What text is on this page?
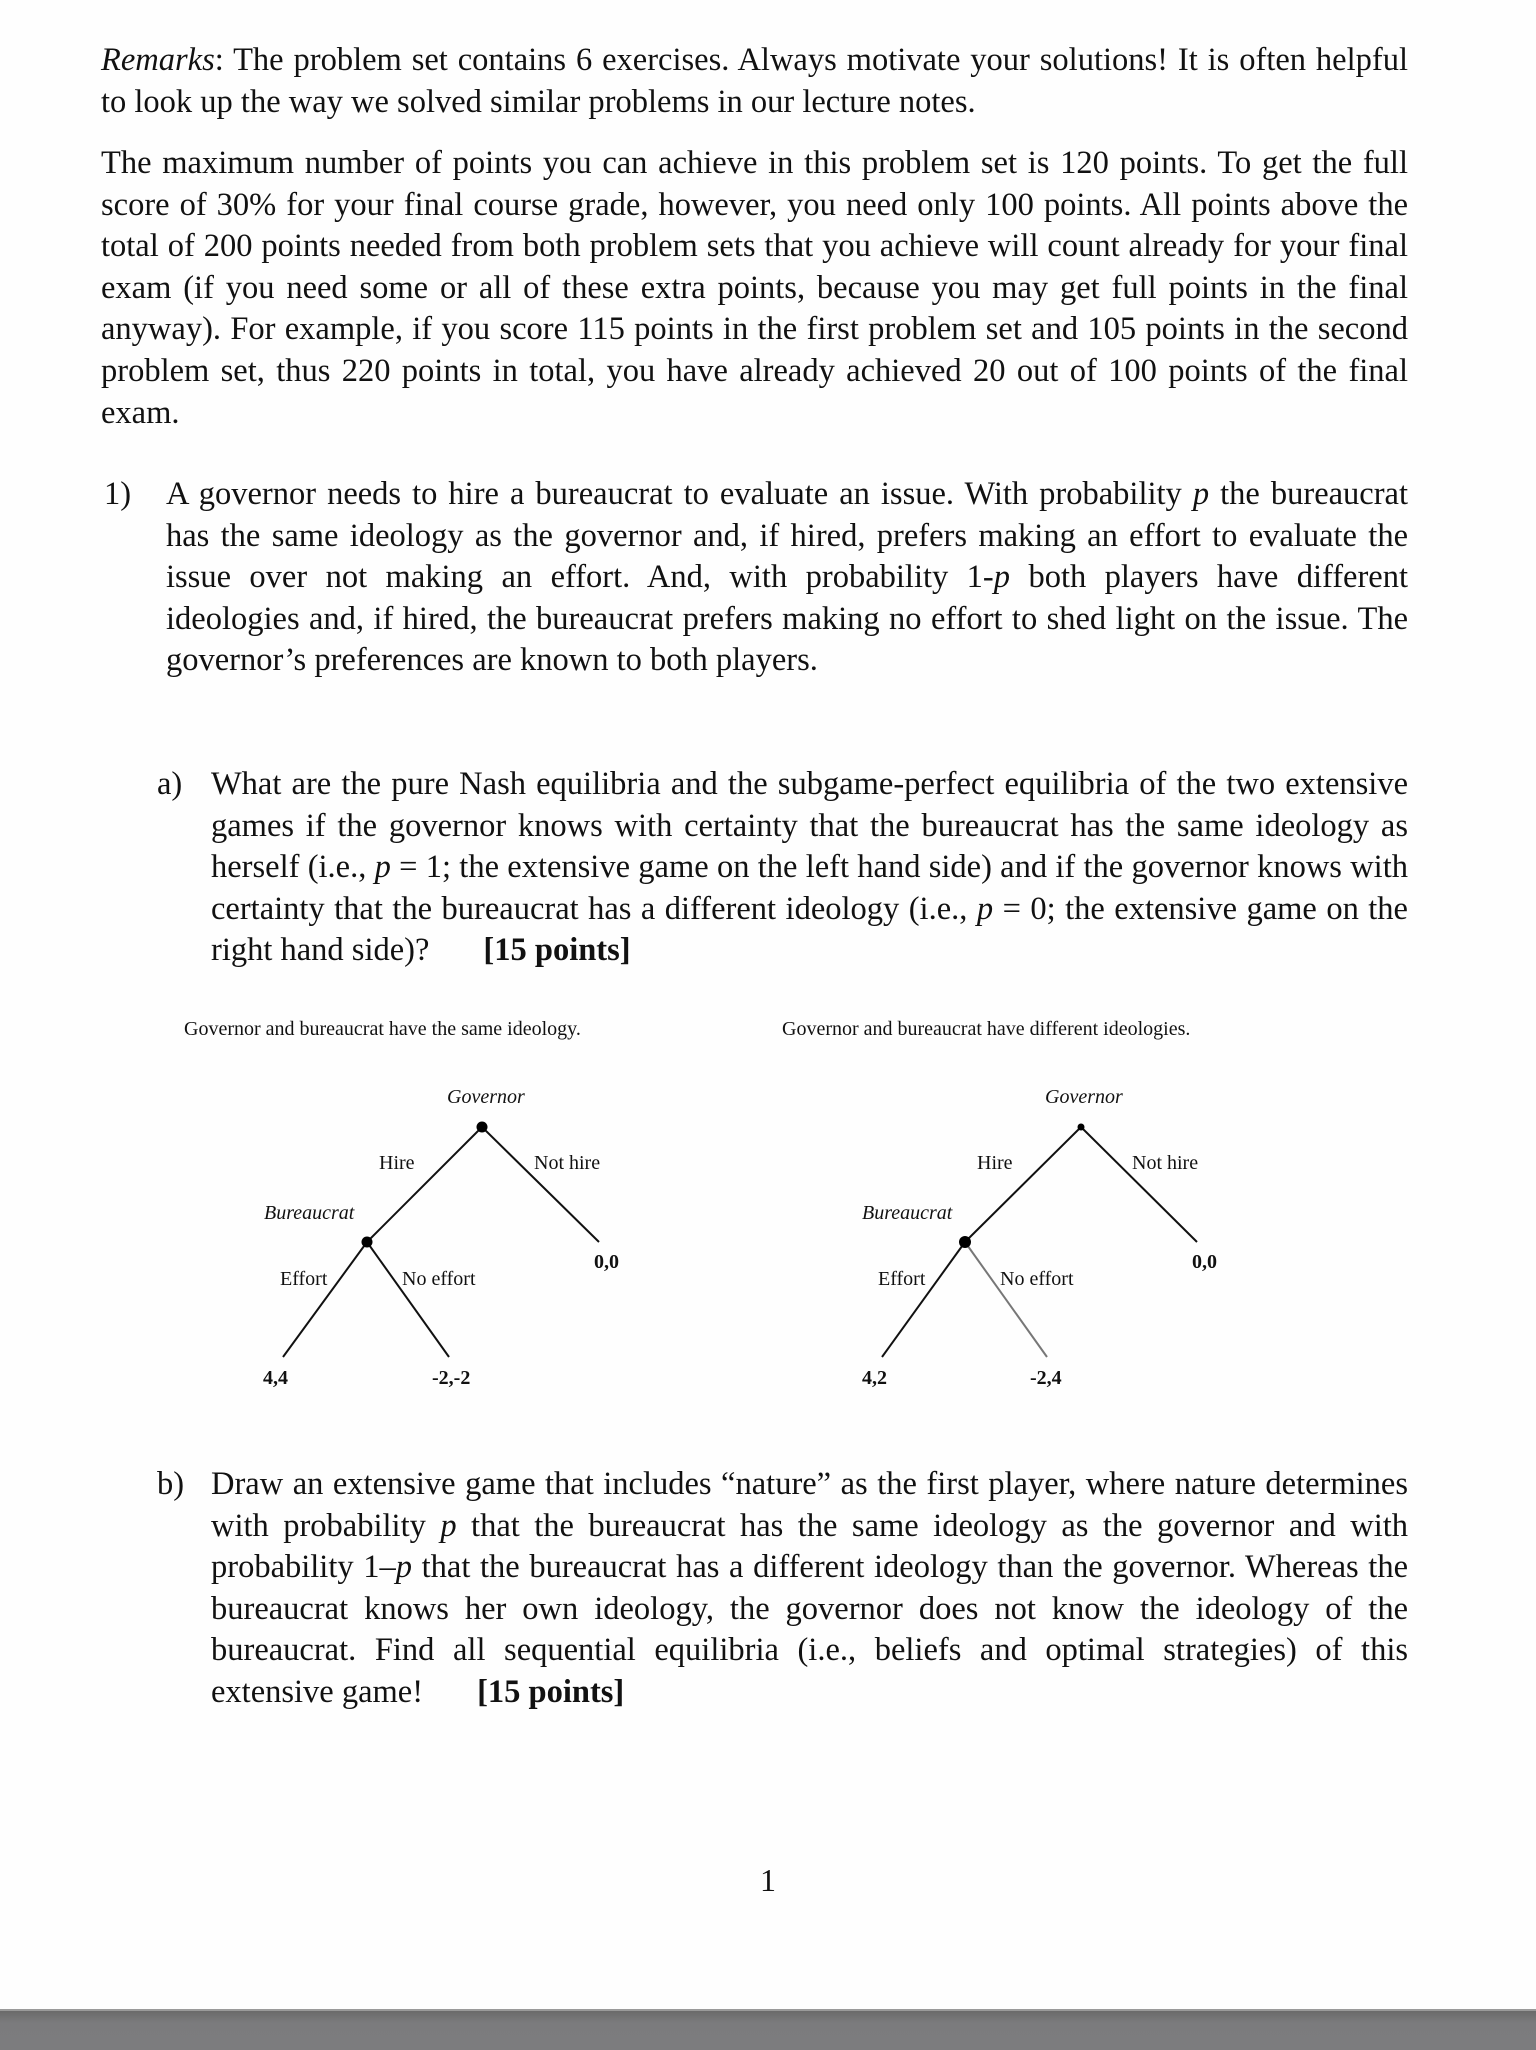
Remarks: The problem set contains 6 exercises. Always motivate your solutions! It is often helpful to look up the way we solved similar problems in our lecture notes.

The maximum number of points you can achieve in this problem set is 120 points. To get the full score of 30% for your final course grade, however, you need only 100 points. All points above the total of 200 points needed from both problem sets that you achieve will count already for your final exam (if you need some or all of these extra points, because you may get full points in the final anyway). For example, if you score 115 points in the first problem set and 105 points in the second problem set, thus 220 points in total, you have already achieved 20 out of 100 points of the final exam.

1) A governor needs to hire a bureaucrat to evaluate an issue. With probability p the bureaucrat has the same ideology as the governor and, if hired, prefers making an effort to evaluate the issue over not making an effort. And, with probability 1-p both players have different ideologies and, if hired, the bureaucrat prefers making no effort to shed light on the issue. The governor’s preferences are known to both players.

a) What are the pure Nash equilibria and the subgame-perfect equilibria of the two extensive games if the governor knows with certainty that the bureaucrat has the same ideology as herself (i.e., p = 1; the extensive game on the left hand side) and if the governor knows with certainty that the bureaucrat has a different ideology (i.e., p = 0; the extensive game on the right hand side)? [15 points]

Governor and bureaucrat have the same ideology.	Governor and bureaucrat have different ideologies.
Governor
Hire	Not hire
Bureaucrat
0,0
Effort	No effort
4,4	-2,-2
Governor
Hire	Not hire
Bureaucrat
0,0
Effort	No effort
4,2	-2,4
b) Draw an extensive game that includes “nature” as the first player, where nature determines with probability p that the bureaucrat has the same ideology as the governor and with probability 1–p that the bureaucrat has a different ideology than the governor. Whereas the bureaucrat knows her own ideology, the governor does not know the ideology of the bureaucrat. Find all sequential equilibria (i.e., beliefs and optimal strategies) of this extensive game! [15 points]

1
